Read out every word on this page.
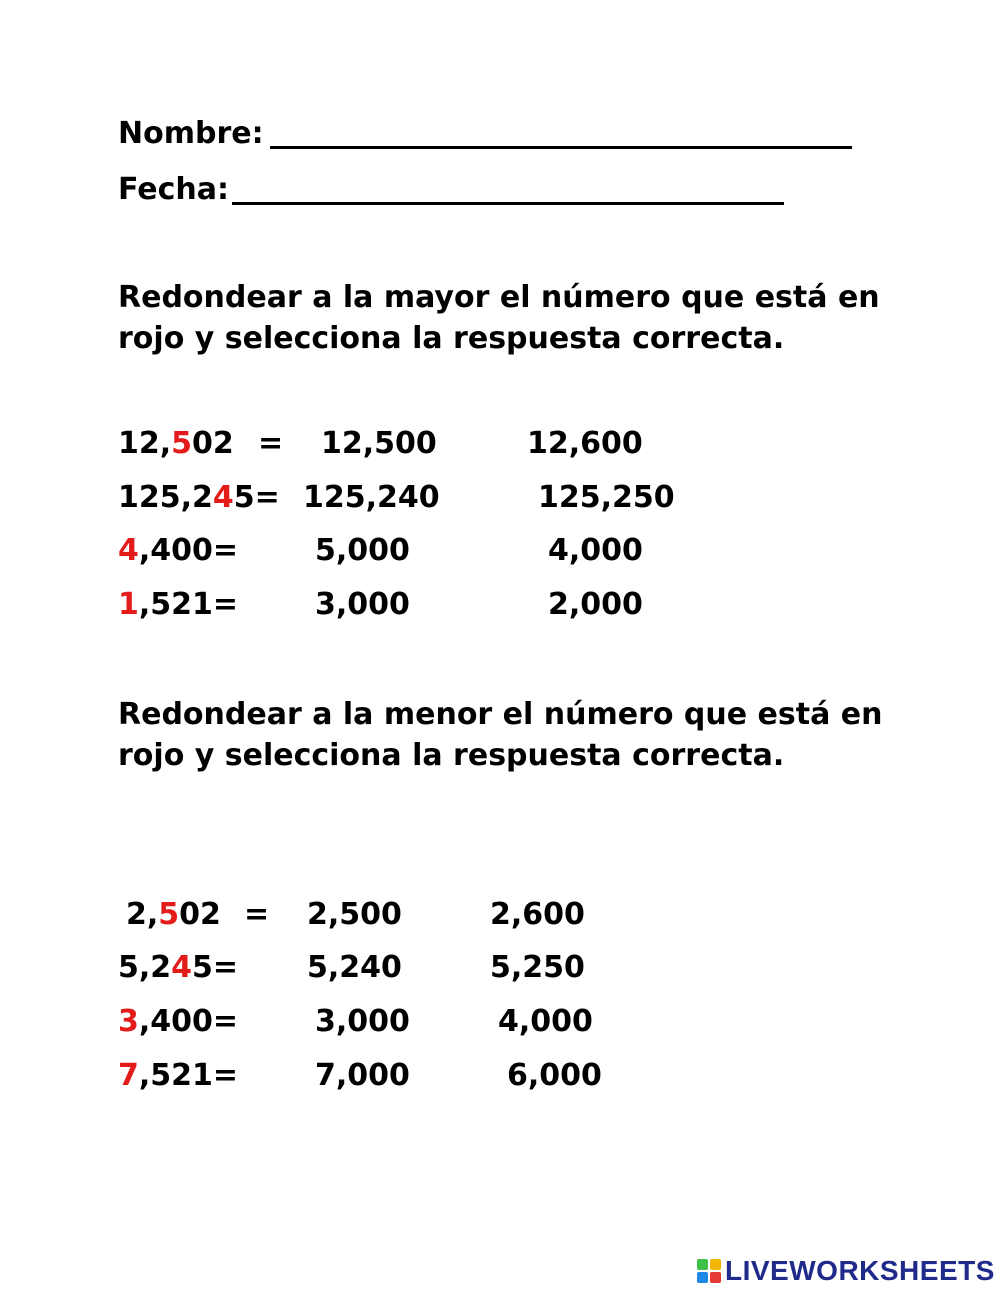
Nombre:
Fecha:
Redondear a la mayor el número que está en
rojo y selecciona la respuesta correcta.
12,502 = 12,500	12,600
125,245= 125,240	125,250
4,400=	5,000	4,000
1,521=	3,000	2,000
Redondear a la menor el número que está en
rojo y selecciona la respuesta correcta.
2,502 = 2,500	2,600
5,245= 5,240	5,250
3,400=	3,000	4,000
7,521=	7,000	6,000
LIVEWORKSHEETS
